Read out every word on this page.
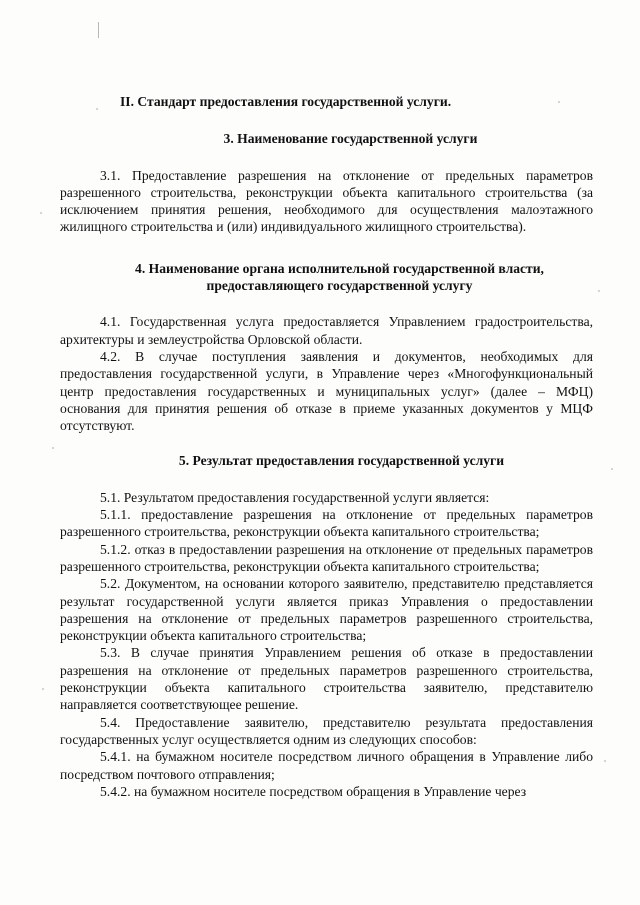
II. Стандарт предоставления государственной услуги.

3. Наименование государственной услуги

3.1. Предоставление разрешения на отклонение от предельных параметров разрешенного строительства, реконструкции объекта капитального строительства (за исключением принятия решения, необходимого для осуществления малоэтажного жилищного строительства и (или) индивидуального жилищного строительства).

4. Наименование органа исполнительной государственной власти,

предоставляющего государственной услугу

4.1. Государственная услуга предоставляется Управлением градостроительства, архитектуры и землеустройства Орловской области.

4.2. В случае поступления заявления и документов, необходимых для предоставления государственной услуги, в Управление через «Многофункциональный центр предоставления государственных и муниципальных услуг» (далее – МФЦ) основания для принятия решения об отказе в приеме указанных документов у МЦФ отсутствуют.

5. Результат предоставления государственной услуги

5.1. Результатом предоставления государственной услуги является:

5.1.1. предоставление разрешения на отклонение от предельных параметров разрешенного строительства, реконструкции объекта капитального строительства;

5.1.2. отказ в предоставлении разрешения на отклонение от предельных параметров разрешенного строительства, реконструкции объекта капитального строительства;

5.2. Документом, на основании которого заявителю, представителю представляется результат государственной услуги является приказ Управления о предоставлении разрешения на отклонение от предельных параметров разрешенного строительства, реконструкции объекта капитального строительства;

5.3. В случае принятия Управлением решения об отказе в предоставлении разрешения на отклонение от предельных параметров разрешенного строительства, реконструкции объекта капитального строительства заявителю, представителю направляется соответствующее решение.

5.4. Предоставление заявителю, представителю результата предоставления государственных услуг осуществляется одним из следующих способов:

5.4.1. на бумажном носителе посредством личного обращения в Управление либо посредством почтового отправления;

5.4.2. на бумажном носителе посредством обращения в Управление через
